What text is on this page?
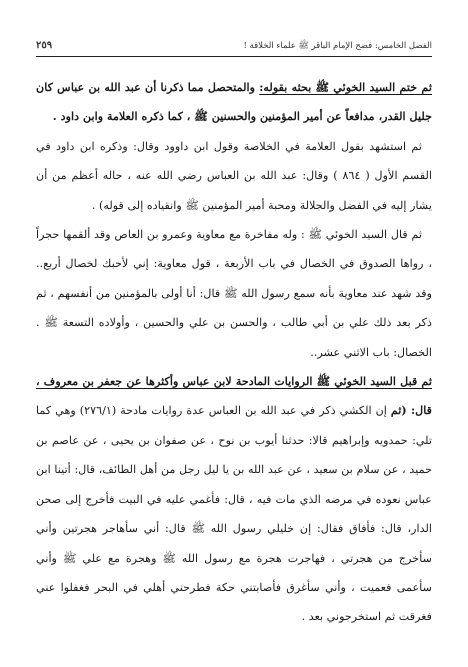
الفصل الخامس: فضح الإمام الباقر ﷺ علماء الخلافة !
٢٥٩

ثم ختم السيد الخوئي ﷺ بحثه بقوله: والمتحصل مما ذكرنا أن عبد الله بن عباس كان جليل القدر، مدافعاً عن أمير المؤمنين والحسنين ﷺ ، كما ذكره العلامة وابن داود .

ثم استشهد بقول العلامة في الخلاصة وقول ابن داوود وقال: وذكره ابن داود في القسم الأول ( ٨٦٤ ) وقال: عبد الله بن العباس رضي الله عنه ، حاله أعظم من أن يشار إليه في الفضل والجلالة ومحبة أمير المؤمنين ﷺ وانقياده إلى قوله) .

ثم قال السيد الخوئي ﷺ : وله مفاخرة مع معاوية وعمرو بن العاص وقد ألقمها حجراً ، رواها الصدوق في الخصال في باب الأربعة ، قول معاوية: إني لأحبك لخصال أربع.. وقد شهد عند معاوية بأنه سمع رسول الله ﷺ قال: أنا أولى بالمؤمنين من أنفسهم ، ثم ذكر بعد ذلك علي بن أبي طالب ، والحسن بن علي والحسين ، وأولاده التسعة ﷺ . الخصال: باب الاثني عشر..

ثم قبل السيد الخوئي ﷺ الروايات المادحة لابن عباس وأكثرها عن جعفر بن معروف ، قال: (ثم إن الكشي ذكر في عبد الله بن العباس عدة روايات مادحة (٢٧٦/١) وهي كما تلي: حمدويه وإبراهيم قالا: حدثنا أيوب بن نوح ، عن صفوان بن يحيى ، عن عاصم بن حميد ، عن سلام بن سعيد ، عن عبد الله بن يا ليل رجل من أهل الطائف، قال: أتينا ابن عباس نعوده في مرضه الذي مات فيه ، قال: فأغمي عليه في البيت فأخرج إلى صحن الدار، قال: فأفاق فقال: إن خليلي رسول الله ﷺ قال: أني سأهاجر هجرتين وأني سأخرج من هجرتي ، فهاجرت هجرة مع رسول الله ﷺ وهجرة مع علي ﷺ وأني سأعمى فعميت ، وأني سأغرق فأصابتني حكة فطرحني أهلي في البحر فغفلوا عني فغرقت ثم استخرجوني بعد .
